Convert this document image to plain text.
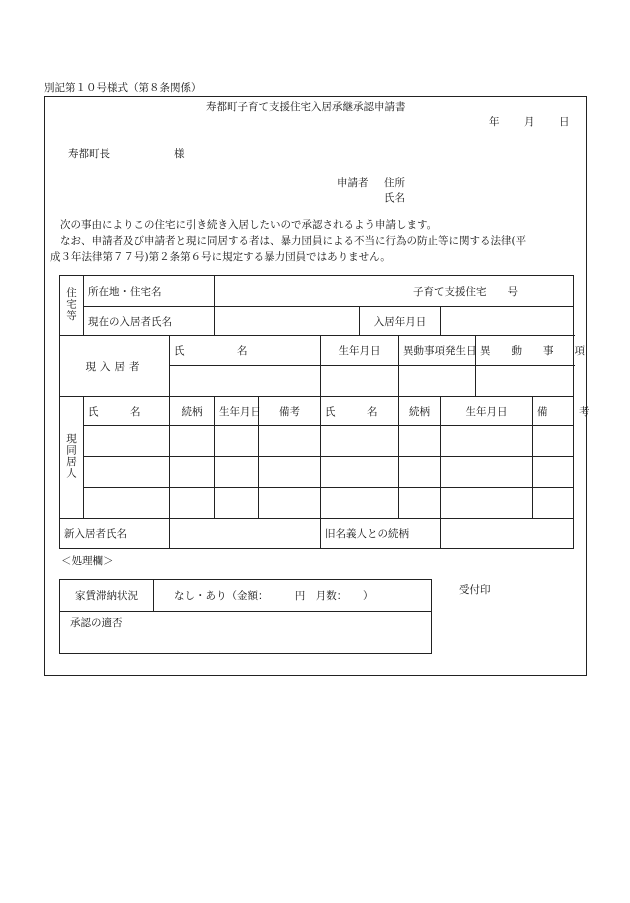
別記第１０号様式（第８条関係）
寿都町子育て支援住宅入居承継承認申請書
年 月 日
寿都町長	様
申請者 住所
氏名
次の事由によりこの住宅に引き続き入居したいので承認されるよう申請します。
なお、申請者及び申請者と現に同居する者は、暴力団員による不当に行為の防止等に関する法律(平
成３年法律第７７号)第２条第６号に規定する暴力団員ではありません。
住宅等	所在地・住宅名		子育て支援住宅　　号							
	現在の入居者氏名					入居年月日				
現入居者		氏　　　　　名			生年月日		異動事項発生日		異　　動　　事　　項	

現同居人	氏　　　名	続柄	生年月日	備考	氏　　　名		続柄	生年月日		備　　　考

新入居者氏名					旧名義人との続柄					
＜処理欄＞
家賃滞納状況	なし・あり（金額：　　　円　月数：　　）
承認の適否
受付印
